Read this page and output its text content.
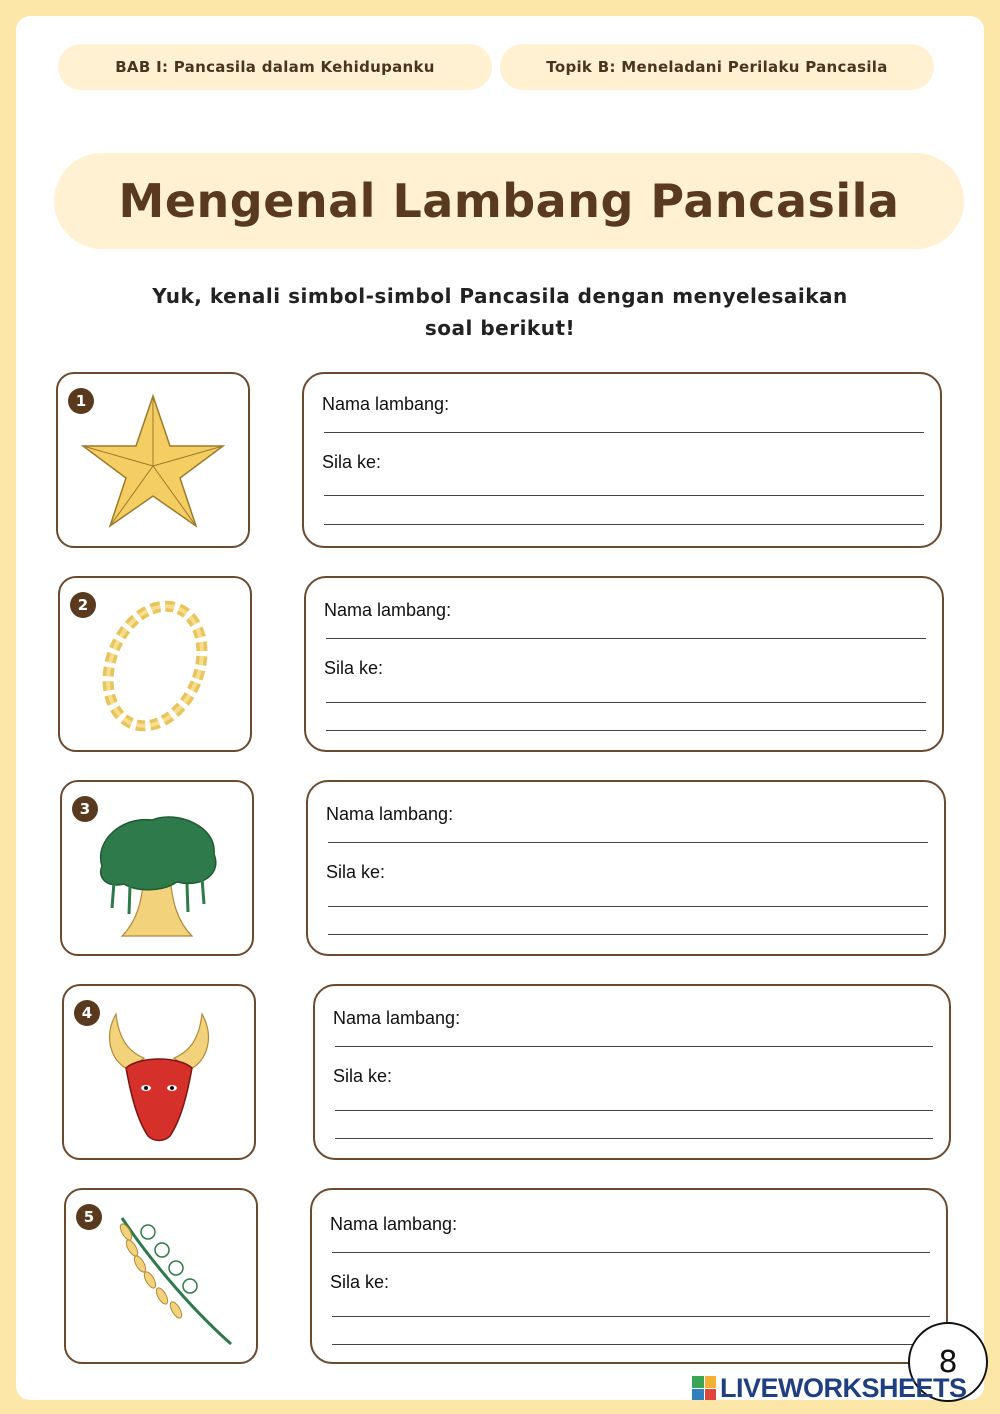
BAB I: Pancasila dalam Kehidupanku	Topik B: Meneladani Perilaku Pancasila
Mengenal Lambang Pancasila
Yuk, kenali simbol-simbol Pancasila dengan menyelesaikan
soal berikut!
1	Nama lambang:
Sila ke:
2	Nama lambang:
Sila ke:
3	Nama lambang:
Sila ke:
4	Nama lambang:
Sila ke:
5	Nama lambang:
Sila ke:
8
LIVEWORKSHEETS
